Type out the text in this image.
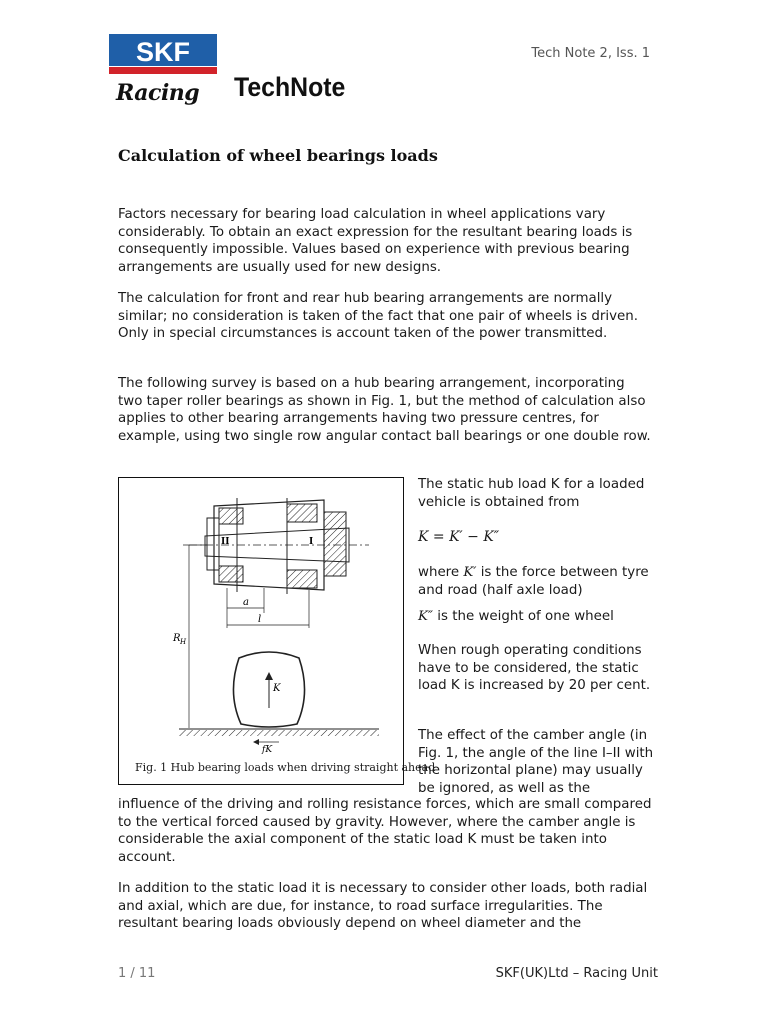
SKF
Racing TechNote
Tech Note 2, Iss. 1
Calculation of wheel bearings loads

Factors necessary for bearing load calculation in wheel applications vary considerably. To obtain an exact expression for the resultant bearing loads is consequently impossible. Values based on experience with previous bearing arrangements are usually used for new designs.

The calculation for front and rear hub bearing arrangements are normally similar; no consideration is taken of the fact that one pair of wheels is driven. Only in special circumstances is account taken of the power transmitted.

The following survey is based on a hub bearing arrangement, incorporating two taper roller bearings as shown in Fig. 1, but the method of calculation also applies to other bearing arrangements having two pressure centres, for example, using two single row angular contact ball bearings or one double row.

II	I
a
l
R H
K
fK
Fig. 1 Hub bearing loads when driving straight ahead

The static hub load K for a loaded vehicle is obtained from

K = K′ − K″

where K′ is the force between tyre and road (half axle load)

K″ is the weight of one wheel

When rough operating conditions have to be considered, the static load K is increased by 20 per cent.

The effect of the camber angle (in Fig. 1, the angle of the line I–II with the horizontal plane) may usually be ignored, as well as the

influence of the driving and rolling resistance forces, which are small compared to the vertical forced caused by gravity. However, where the camber angle is considerable the axial component of the static load K must be taken into account.

In addition to the static load it is necessary to consider other loads, both radial and axial, which are due, for instance, to road surface irregularities. The resultant bearing loads obviously depend on wheel diameter and the

1 / 11	SKF(UK)Ltd – Racing Unit
